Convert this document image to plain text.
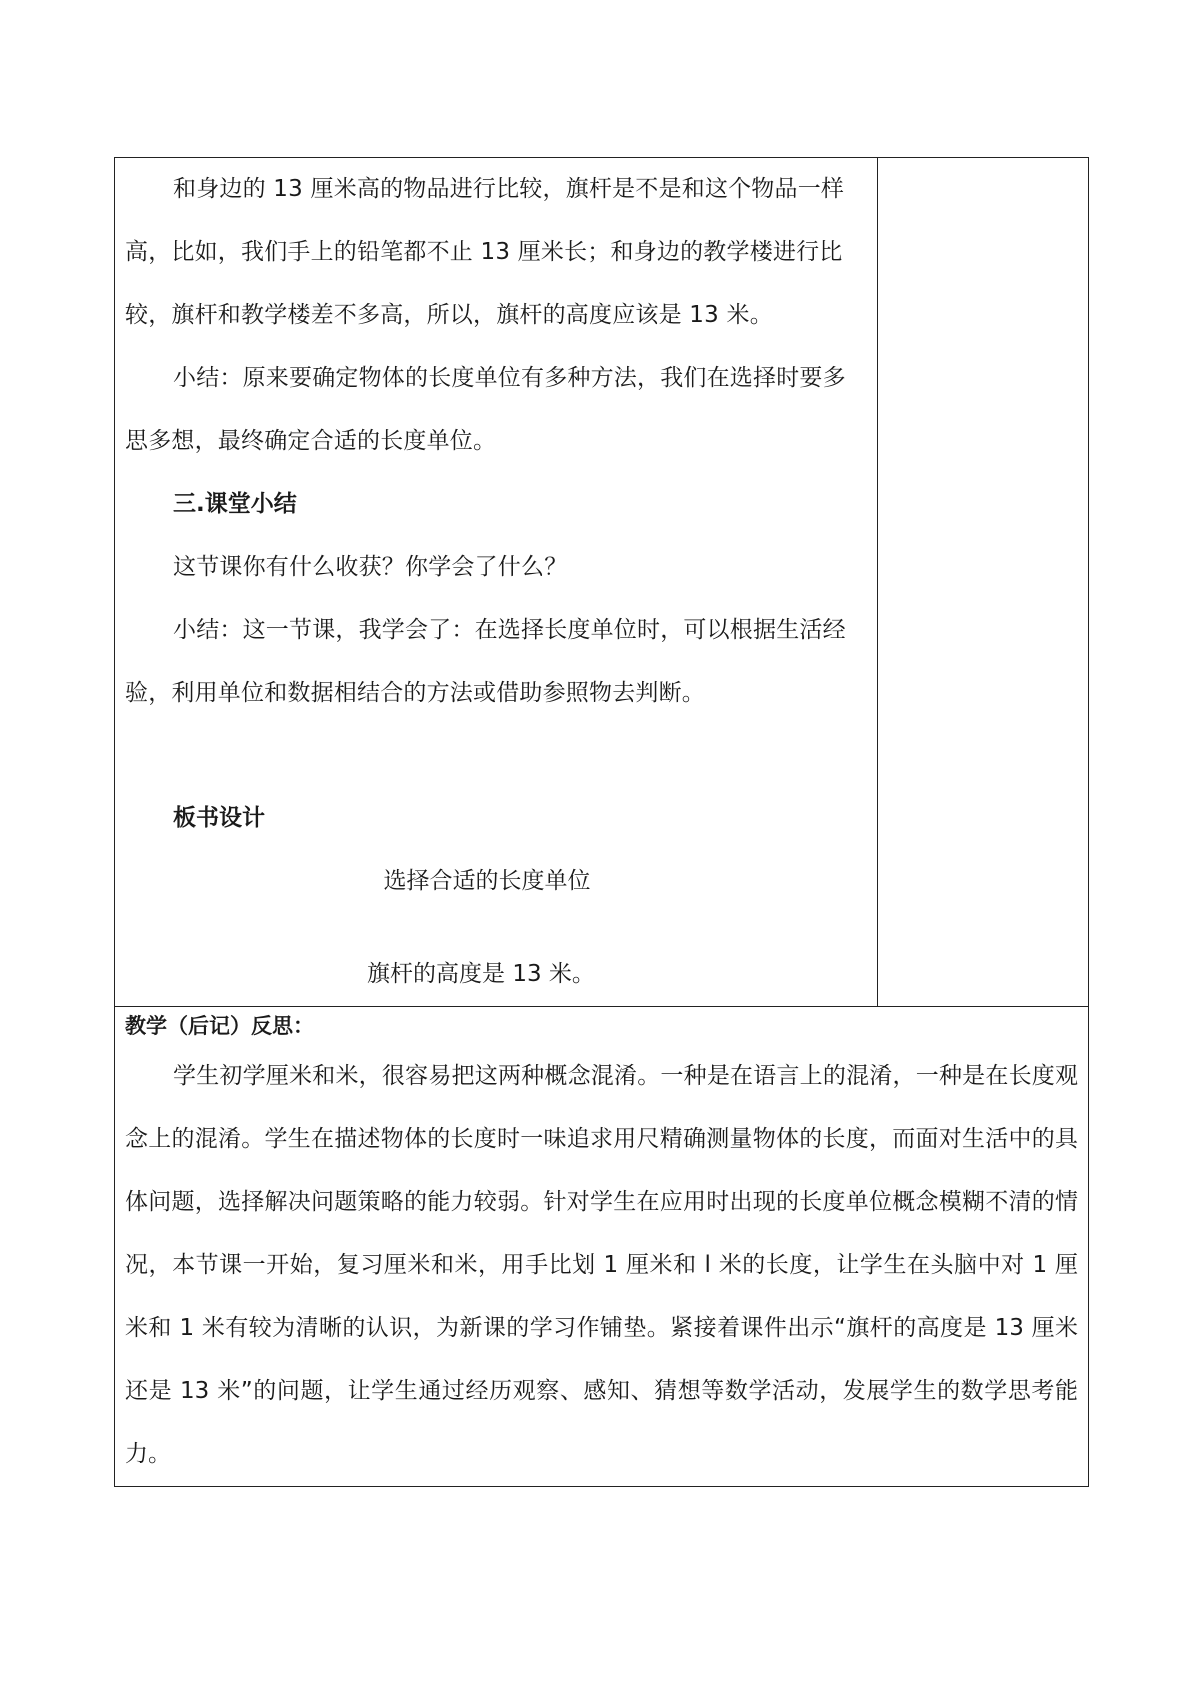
和身边的 13 厘米高的物品进行比较，旗杆是不是和这个物品一样高，比如，我们手上的铅笔都不止 13 厘米长；和身边的教学楼进行比较，旗杆和教学楼差不多高，所以，旗杆的高度应该是 13 米。

小结：原来要确定物体的长度单位有多种方法，我们在选择时要多思多想，最终确定合适的长度单位。

三.课堂小结

这节课你有什么收获？你学会了什么？

小结：这一节课，我学会了：在选择长度单位时，可以根据生活经验，利用单位和数据相结合的方法或借助参照物去判断。

板书设计

选择合适的长度单位

旗杆的高度是 13 米。

教学（后记）反思：

学生初学厘米和米，很容易把这两种概念混淆。一种是在语言上的混淆，一种是在长度观念上的混淆。学生在描述物体的长度时一味追求用尺精确测量物体的长度，而面对生活中的具体问题，选择解决问题策略的能力较弱。针对学生在应用时出现的长度单位概念模糊不清的情况，本节课一开始，复习厘米和米，用手比划 1 厘米和 l 米的长度，让学生在头脑中对 1 厘米和 1 米有较为清晰的认识，为新课的学习作铺垫。紧接着课件出示“旗杆的高度是 13 厘米还是 13 米”的问题，让学生通过经历观察、感知、猜想等数学活动，发展学生的数学思考能力。
